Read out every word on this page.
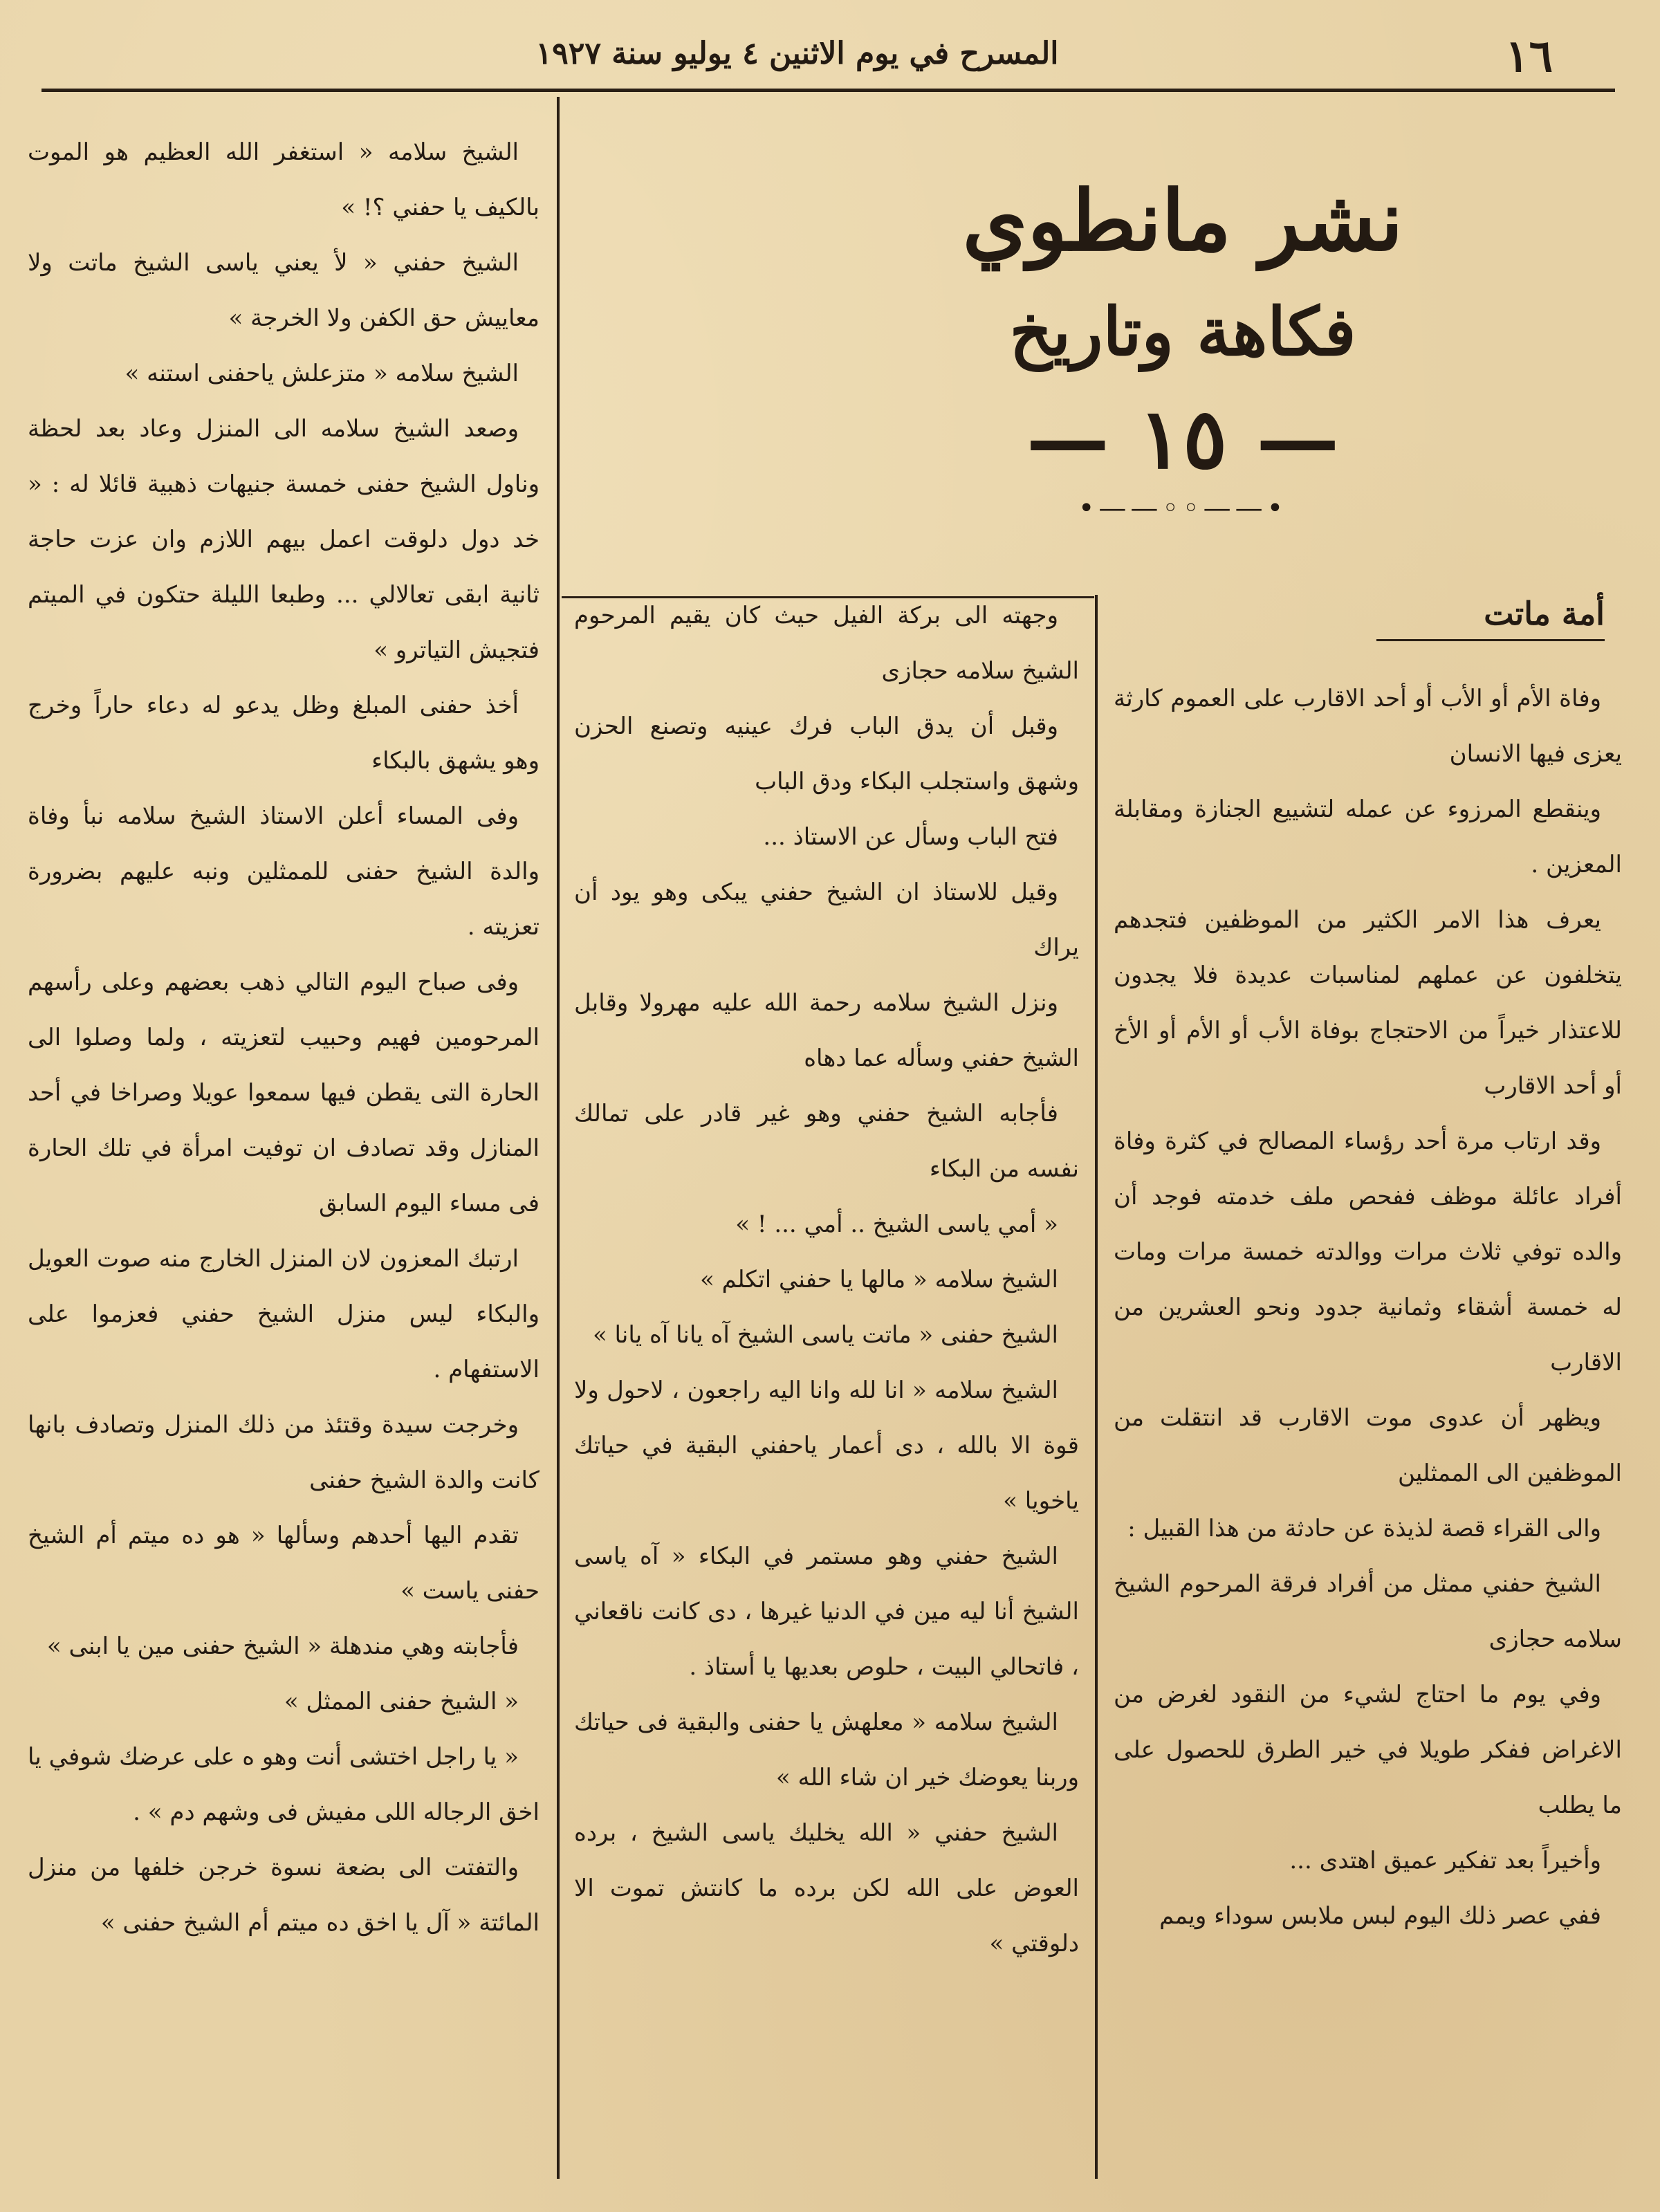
١٦
المسرح في يوم الاثنين ٤ يوليو سنة ١٩٢٧
نشر مانطوي
فكاهة وتاريخ
— ١٥ —
•——◦◦——•
أمة ماتت

وفاة الأم أو الأب أو أحد الاقارب على العموم كارثة يعزى فيها الانسان

وينقطع المرزوء عن عمله لتشييع الجنازة ومقابلة المعزين .

يعرف هذا الامر الكثير من الموظفين فتجدهم يتخلفون عن عملهم لمناسبات عديدة فلا يجدون للاعتذار خيراً من الاحتجاج بوفاة الأب أو الأم أو الأخ أو أحد الاقارب

وقد ارتاب مرة أحد رؤساء المصالح في كثرة وفاة أفراد عائلة موظف ففحص ملف خدمته فوجد أن والده توفي ثلاث مرات ووالدته خمسة مرات ومات له خمسة أشقاء وثمانية جدود ونحو العشرين من الاقارب

ويظهر أن عدوى موت الاقارب قد انتقلت من الموظفين الى الممثلين

والى القراء قصة لذيذة عن حادثة من هذا القبيل :

الشيخ حفني ممثل من أفراد فرقة المرحوم الشيخ سلامه حجازى

وفي يوم ما احتاج لشيء من النقود لغرض من الاغراض ففكر طويلا في خير الطرق للحصول على ما يطلب

وأخيراً بعد تفكير عميق اهتدى ...

ففي عصر ذلك اليوم لبس ملابس سوداء ويمم

وجهته الى بركة الفيل حيث كان يقيم المرحوم الشيخ سلامه حجازى

وقبل أن يدق الباب فرك عينيه وتصنع الحزن وشهق واستجلب البكاء ودق الباب

فتح الباب وسأل عن الاستاذ ...

وقيل للاستاذ ان الشيخ حفني يبكى وهو يود أن يراك

ونزل الشيخ سلامه رحمة الله عليه مهرولا وقابل الشيخ حفني وسأله عما دهاه

فأجابه الشيخ حفني وهو غير قادر على تمالك نفسه من البكاء

« أمي ياسى الشيخ .. أمي ... ! »

الشيخ سلامه « مالها يا حفني اتكلم »

الشيخ حفنى « ماتت ياسى الشيخ آه يانا آه يانا »

الشيخ سلامه « انا لله وانا اليه راجعون ، لاحول ولا قوة الا بالله ، دى أعمار ياحفني البقية في حياتك ياخويا »

الشيخ حفني وهو مستمر في البكاء « آه ياسى الشيخ أنا ليه مين في الدنيا غيرها ، دى كانت ناقعاني ، فاتحالي البيت ، حلوص بعديها يا أستاذ .

الشيخ سلامه « معلهش يا حفنى والبقية فى حياتك وربنا يعوضك خير ان شاء الله »

الشيخ حفني « الله يخليك ياسى الشيخ ، برده العوض على الله لكن برده ما كانتش تموت الا دلوقتي »

الشيخ سلامه « استغفر الله العظيم هو الموت بالكيف يا حفني ؟! »

الشيخ حفني « لأ يعني ياسى الشيخ ماتت ولا معاييش حق الكفن ولا الخرجة »

الشيخ سلامه « متزعلش ياحفنى استنه »

وصعد الشيخ سلامه الى المنزل وعاد بعد لحظة وناول الشيخ حفنى خمسة جنيهات ذهبية قائلا له : « خد دول دلوقت اعمل بيهم اللازم وان عزت حاجة ثانية ابقى تعالالي ... وطبعا الليلة حتكون في الميتم فتجيش التياترو »

أخذ حفنى المبلغ وظل يدعو له دعاء حاراً وخرج وهو يشهق بالبكاء

وفى المساء أعلن الاستاذ الشيخ سلامه نبأ وفاة والدة الشيخ حفنى للممثلين ونبه عليهم بضرورة تعزيته .

وفى صباح اليوم التالي ذهب بعضهم وعلى رأسهم المرحومين فهيم وحبيب لتعزيته ، ولما وصلوا الى الحارة التى يقطن فيها سمعوا عويلا وصراخا في أحد المنازل وقد تصادف ان توفيت امرأة في تلك الحارة فى مساء اليوم السابق

ارتبك المعزون لان المنزل الخارج منه صوت العويل والبكاء ليس منزل الشيخ حفني فعزموا على الاستفهام .

وخرجت سيدة وقتئذ من ذلك المنزل وتصادف بانها كانت والدة الشيخ حفنى

تقدم اليها أحدهم وسألها « هو ده ميتم أم الشيخ حفنى ياست »

فأجابته وهي مندهلة « الشيخ حفنى مين يا ابنى »

« الشيخ حفنى الممثل »

« يا راجل اختشى أنت وهو ه على عرضك شوفي يا اخق الرجاله اللى مفيش فى وشهم دم » .

والتفتت الى بضعة نسوة خرجن خلفها من منزل المائتة « آل يا اخق ده ميتم أم الشيخ حفنى »
